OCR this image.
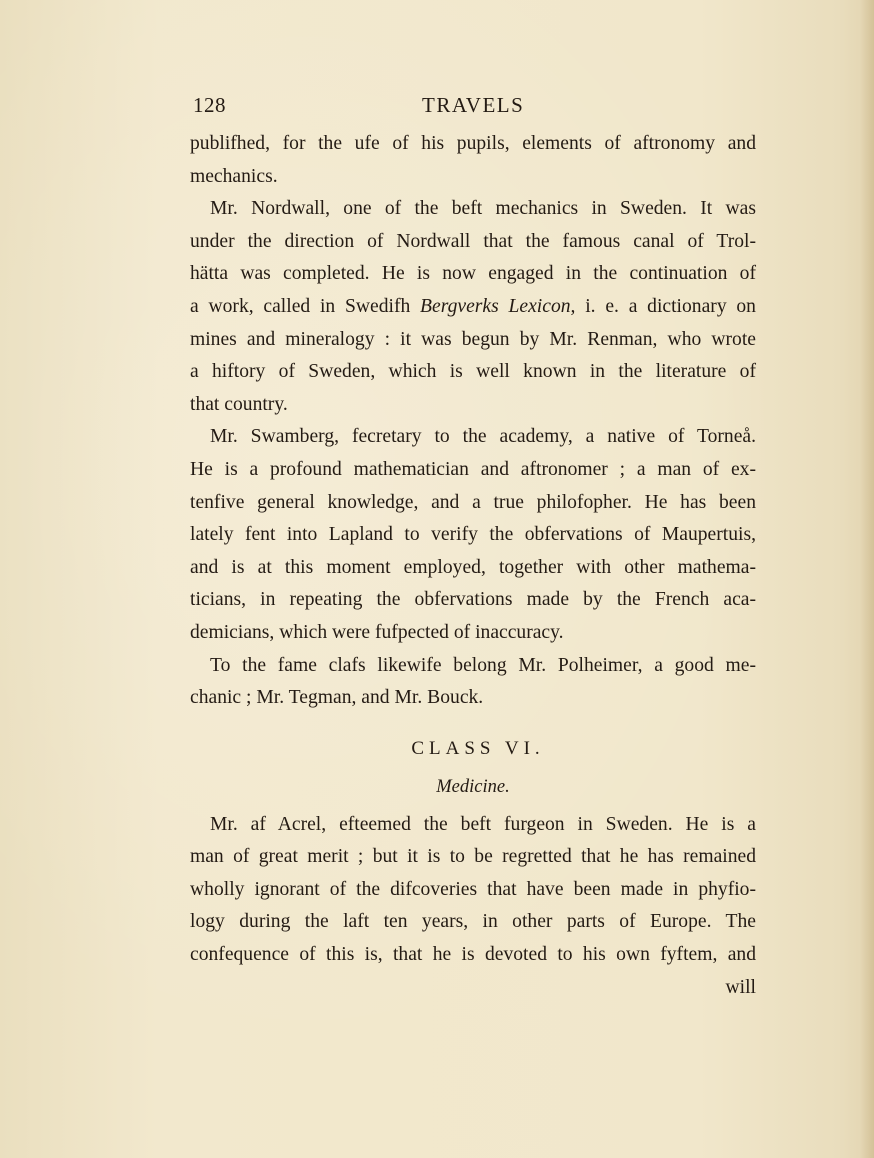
128	TRAVELS
publifhed, for the ufe of his pupils, elements of aftronomy and
mechanics.
Mr. Nordwall, one of the beft mechanics in Sweden. It was
under the direction of Nordwall that the famous canal of Trol-
hätta was completed. He is now engaged in the continuation of
a work, called in Swedifh Bergverks Lexicon, i. e. a dictionary on
mines and mineralogy : it was begun by Mr. Renman, who wrote
a hiftory of Sweden, which is well known in the literature of
that country.
Mr. Swamberg, fecretary to the academy, a native of Torneå.
He is a profound mathematician and aftronomer ; a man of ex-
tenfive general knowledge, and a true philofopher. He has been
lately fent into Lapland to verify the obfervations of Maupertuis,
and is at this moment employed, together with other mathema-
ticians, in repeating the obfervations made by the French aca-
demicians, which were fufpected of inaccuracy.
To the fame clafs likewife belong Mr. Polheimer, a good me-
chanic ; Mr. Tegman, and Mr. Bouck.
CLASS VI.
Medicine.
Mr. af Acrel, efteemed the beft furgeon in Sweden. He is a
man of great merit ; but it is to be regretted that he has remained
wholly ignorant of the difcoveries that have been made in phyfio-
logy during the laft ten years, in other parts of Europe. The
confequence of this is, that he is devoted to his own fyftem, and
will
